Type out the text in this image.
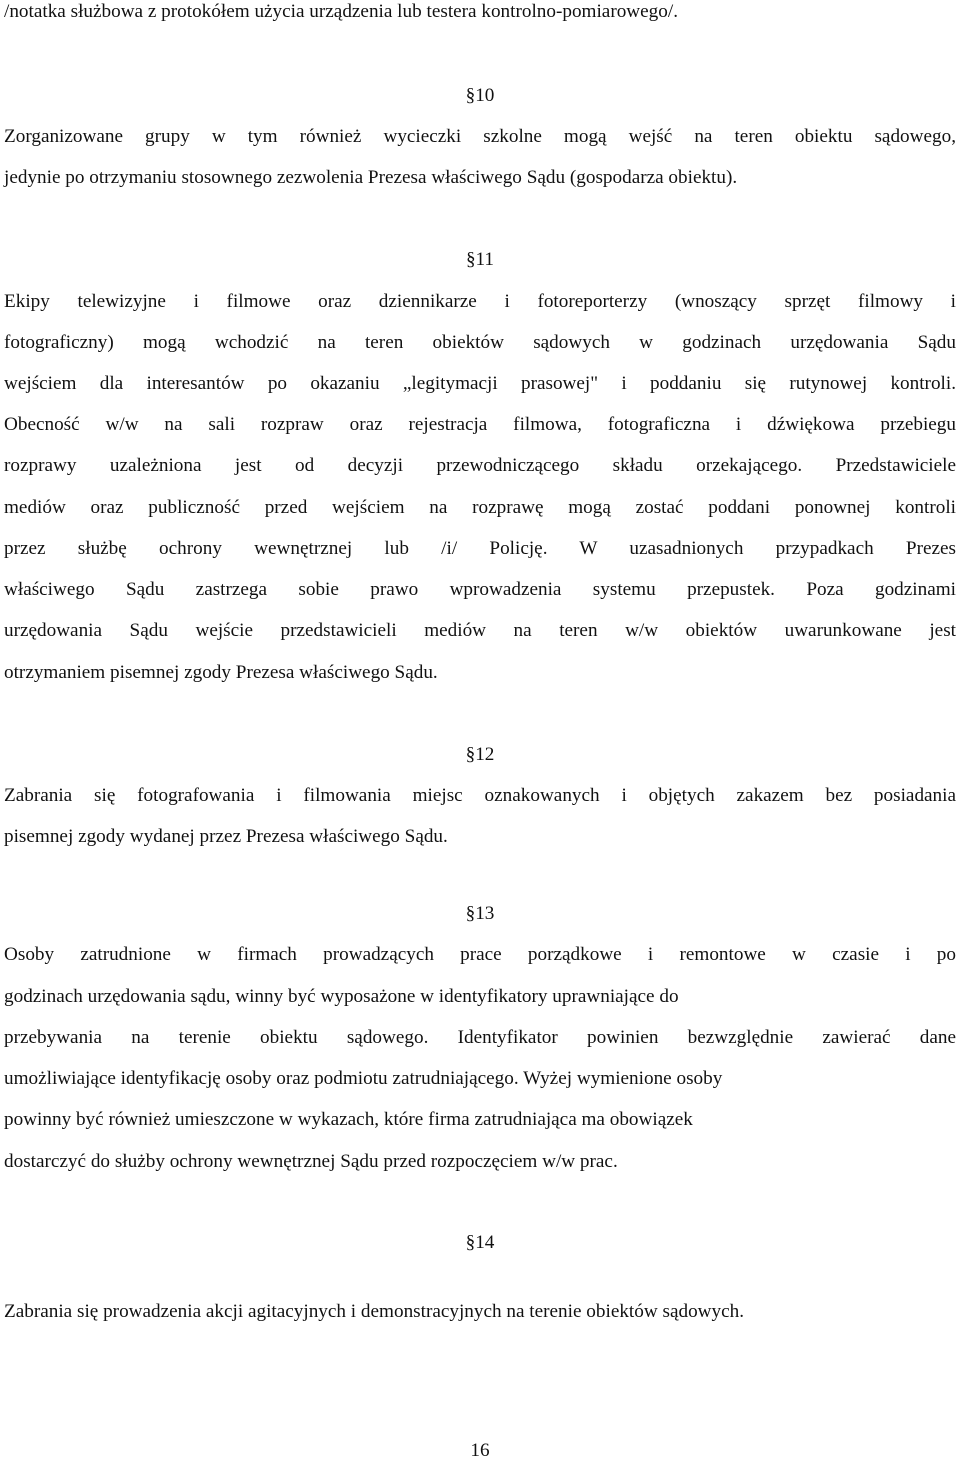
/notatka służbowa z protokółem użycia urządzenia lub testera kontrolno-pomiarowego/.
§10
Zorganizowane grupy w tym również wycieczki szkolne mogą wejść na teren obiektu sądowego,
jedynie po otrzymaniu stosownego zezwolenia Prezesa właściwego Sądu (gospodarza obiektu).
§11
Ekipy telewizyjne i filmowe oraz dziennikarze i fotoreporterzy (wnoszący sprzęt filmowy i
fotograficzny) mogą wchodzić na teren obiektów sądowych w godzinach urzędowania Sądu
wejściem dla interesantów po okazaniu „legitymacji prasowej" i poddaniu się rutynowej kontroli.
Obecność w/w na sali rozpraw oraz rejestracja filmowa, fotograficzna i dźwiękowa przebiegu
rozprawy uzależniona jest od decyzji przewodniczącego składu orzekającego. Przedstawiciele
mediów oraz publiczność przed wejściem na rozprawę mogą zostać poddani ponownej kontroli
przez służbę ochrony wewnętrznej lub /i/ Policję. W uzasadnionych przypadkach Prezes
właściwego Sądu zastrzega sobie prawo wprowadzenia systemu przepustek. Poza godzinami
urzędowania Sądu wejście przedstawicieli mediów na teren w/w obiektów uwarunkowane jest
otrzymaniem pisemnej zgody Prezesa właściwego Sądu.
§12
Zabrania się fotografowania i filmowania miejsc oznakowanych i objętych zakazem bez posiadania
pisemnej zgody wydanej przez Prezesa właściwego Sądu.
§13
Osoby zatrudnione w firmach prowadzących prace porządkowe i remontowe w czasie i po
godzinach urzędowania sądu, winny być wyposażone w identyfikatory uprawniające do
przebywania na terenie obiektu sądowego. Identyfikator powinien bezwzględnie zawierać dane
umożliwiające identyfikację osoby oraz podmiotu zatrudniającego. Wyżej wymienione osoby
powinny być również umieszczone w wykazach, które firma zatrudniająca ma obowiązek
dostarczyć do służby ochrony wewnętrznej Sądu przed rozpoczęciem w/w prac.
§14
Zabrania się prowadzenia akcji agitacyjnych i demonstracyjnych na terenie obiektów sądowych.
16
